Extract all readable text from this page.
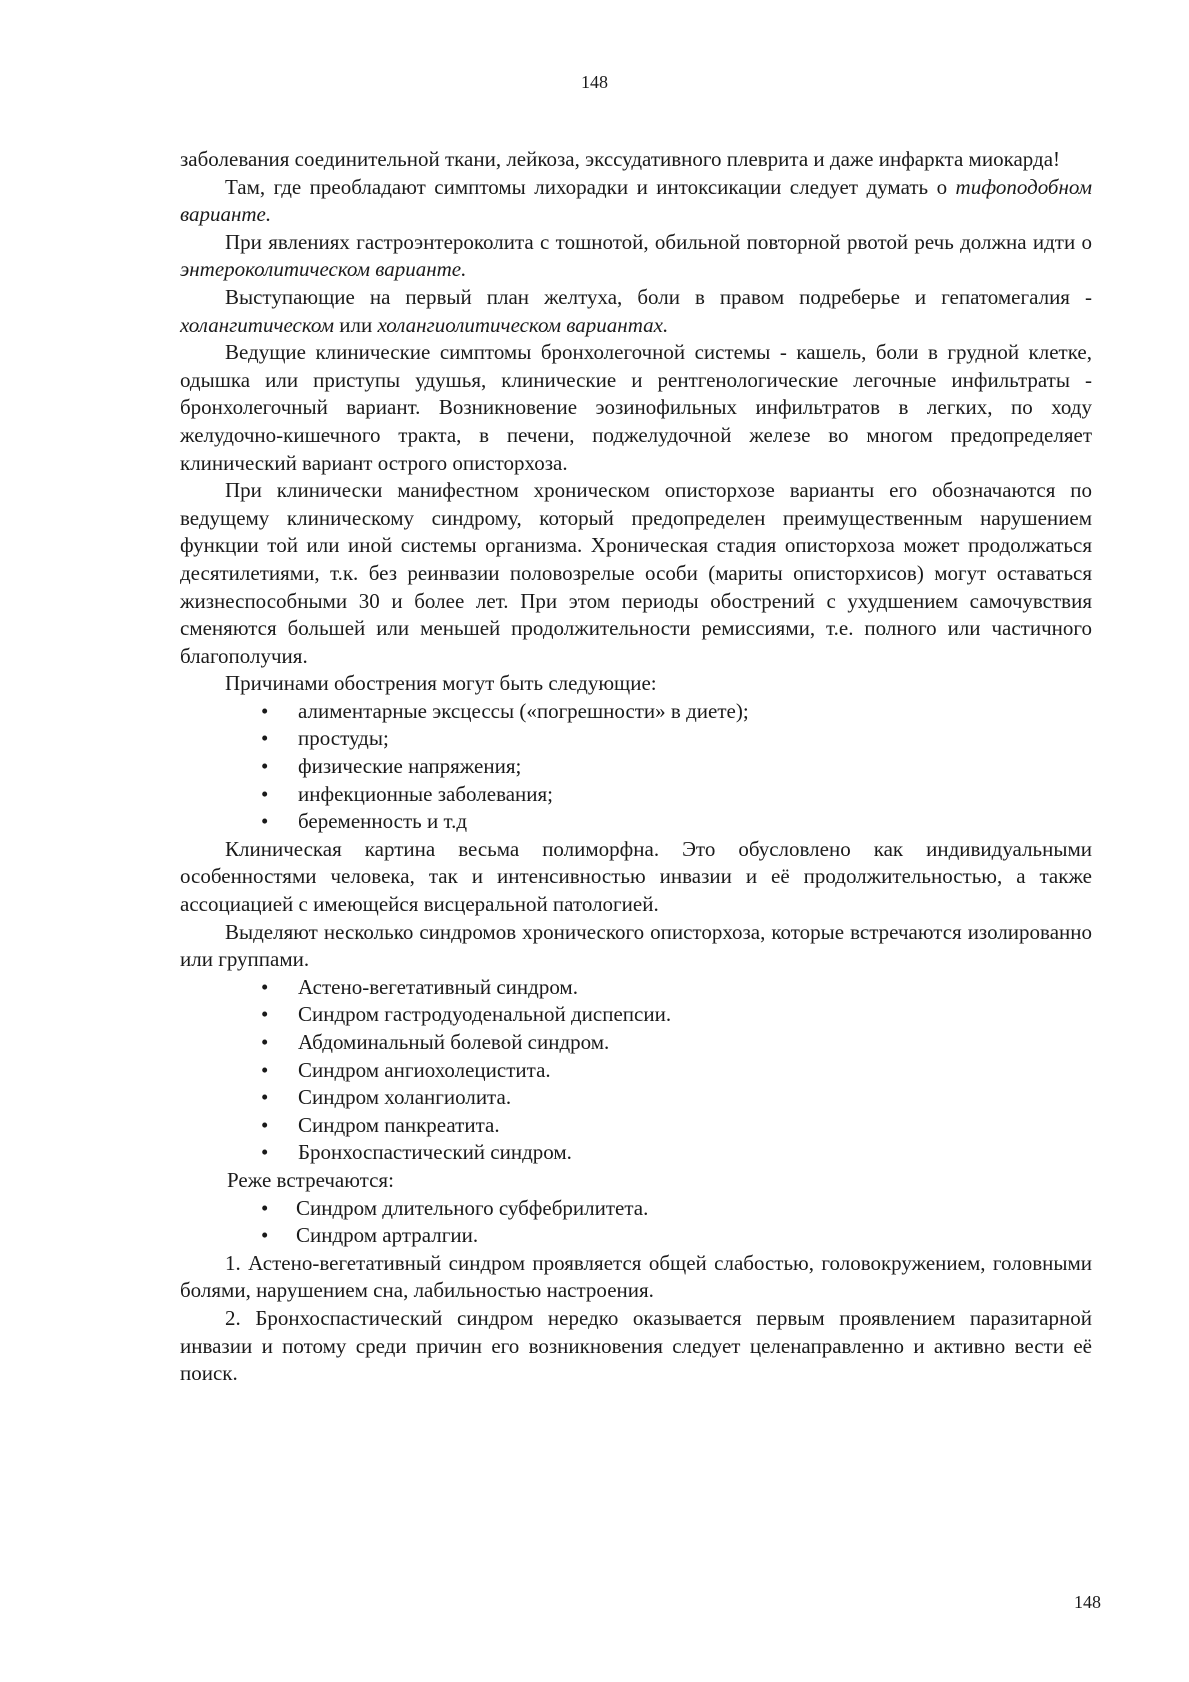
148

заболевания соединительной ткани, лейкоза, экссудативного плеврита и даже инфаркта миокарда!

Там, где преобладают симптомы лихорадки и интоксикации следует думать о тифоподобном варианте.

При явлениях гастроэнтероколита с тошнотой, обильной повторной рвотой речь должна идти о энтероколитическом варианте.

Выступающие на первый план желтуха, боли в правом подреберье и гепатомегалия - холангитическом или холангиолитическом вариантах.

Ведущие клинические симптомы бронхолегочной системы - кашель, боли в грудной клетке, одышка или приступы удушья, клинические и рентгенологические легочные инфильтраты - бронхолегочный вариант. Возникновение эозинофильных инфильтратов в легких, по ходу желудочно-кишечного тракта, в печени, поджелудочной железе во многом предопределяет клинический вариант острого описторхоза.

При клинически манифестном хроническом описторхозе варианты его обозначаются по ведущему клиническому синдрому, который предопределен преимущественным нарушением функции той или иной системы организма. Хроническая стадия описторхоза может продолжаться десятилетиями, т.к. без реинвазии половозрелые особи (мариты описторхисов) могут оставаться жизнеспособными 30 и более лет. При этом периоды обострений с ухудшением самочувствия сменяются большей или меньшей продолжительности ремиссиями, т.е. полного или частичного благополучия.

Причинами обострения могут быть следующие:

• алиментарные эксцессы («погрешности» в диете);
• простуды;
• физические напряжения;
• инфекционные заболевания;
• беременность и т.д

Клиническая картина весьма полиморфна. Это обусловлено как индивидуальными особенностями человека, так и интенсивностью инвазии и её продолжительностью, а также ассоциацией с имеющейся висцеральной патологией.

Выделяют несколько синдромов хронического описторхоза, которые встречаются изолированно или группами.

• Астено-вегетативный синдром.
• Синдром гастродуоденальной диспепсии.
• Абдоминальный болевой синдром.
• Синдром ангиохолецистита.
• Синдром холангиолита.
• Синдром панкреатита.
• Бронхоспастический синдром.

Реже встречаются:

• Синдром длительного субфебрилитета.
• Синдром артралгии.

1. Астено-вегетативный синдром проявляется общей слабостью, головокружением, головными болями, нарушением сна, лабильностью настроения.

2. Бронхоспастический синдром нередко оказывается первым проявлением паразитарной инвазии и потому среди причин его возникновения следует целенаправленно и активно вести её поиск.

148
